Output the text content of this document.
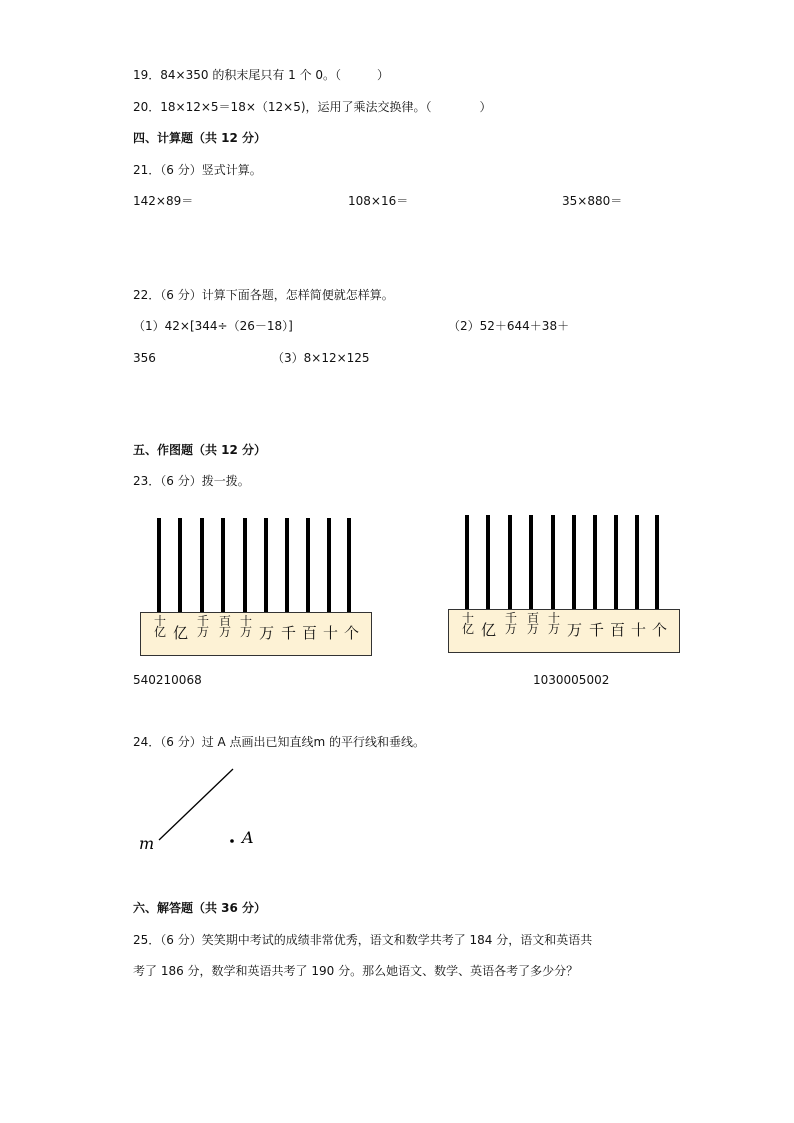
19．84×350 的积末尾只有 1 个 0。（　　　）
20．18×12×5＝18×（12×5)，运用了乘法交换律。（　　　　）
四、计算题（共 12 分）
21．（6 分）竖式计算。
142×89＝	108×16＝	35×880＝
22．（6 分）计算下面各题，怎样简便就怎样算。
（1）42×[344÷（26－18）]	（2）52＋644＋38＋
356	（3）8×12×125
五、作图题（共 12 分）
23．（6 分）拨一拨。
十
亿 亿
千
万
百
万
十
万 万 千 百 十 个
十
亿 亿
千
万
百
万
十
万 万 千 百 十 个
540210068	1030005002
24．（6 分）过 A 点画出已知直线m 的平行线和垂线。
m	A
六、解答题（共 36 分）
25．（6 分）笑笑期中考试的成绩非常优秀，语文和数学共考了 184 分，语文和英语共
考了 186 分，数学和英语共考了 190 分。那么她语文、数学、英语各考了多少分？
